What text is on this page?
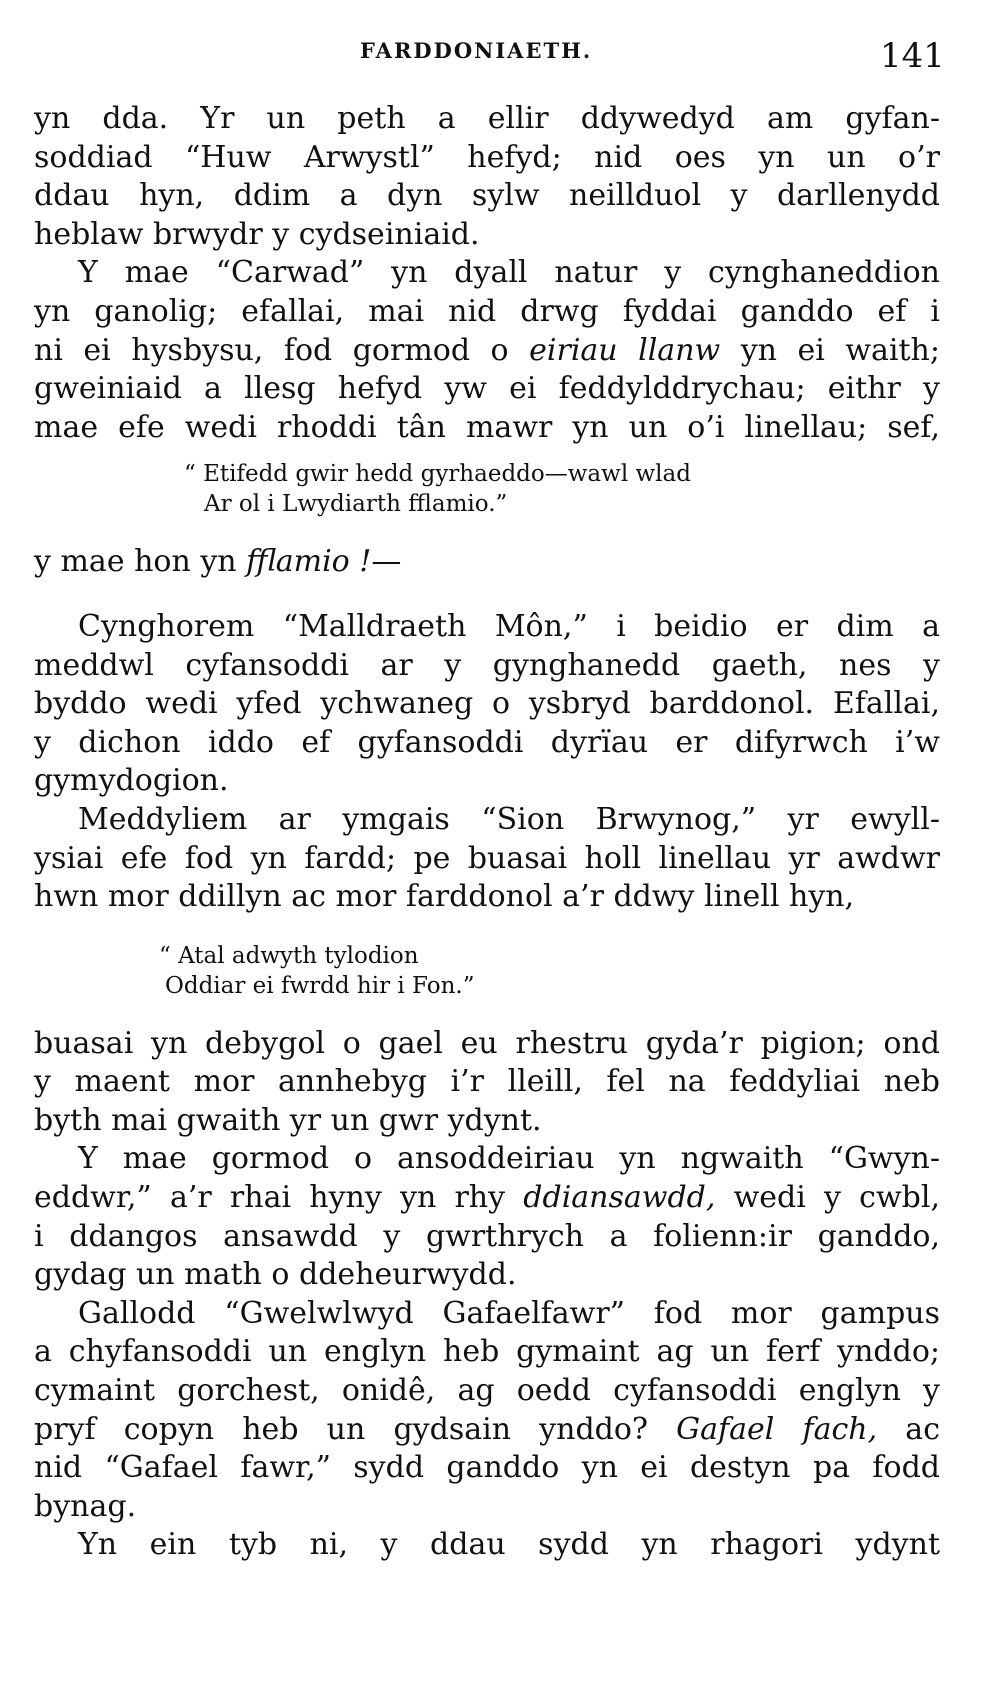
FARDDONIAETH.	141
yn dda. Yr un peth a ellir ddywedyd am gyfan-
soddiad “Huw Arwystl” hefyd; nid oes yn un o’r
ddau hyn, ddim a dyn sylw neillduol y darllenydd
heblaw brwydr y cydseiniaid.
Y mae “Carwad” yn dyall natur y cynghaneddion
yn ganolig; efallai, mai nid drwg fyddai ganddo ef i
ni ei hysbysu, fod gormod o eiriau llanw yn ei waith;
gweiniaid a llesg hefyd yw ei feddylddrychau; eithr y
mae efe wedi rhoddi tân mawr yn un o’i linellau; sef,
“ Etifedd gwir hedd gyrhaeddo—wawl wlad
Ar ol i Lwydiarth fflamio.”
y mae hon yn fflamio !—
Cynghorem “Malldraeth Môn,” i beidio er dim a
meddwl cyfansoddi ar y gynghanedd gaeth, nes y
byddo wedi yfed ychwaneg o ysbryd barddonol. Efallai,
y dichon iddo ef gyfansoddi dyrïau er difyrwch i’w
gymydogion.
Meddyliem ar ymgais “Sion Brwynog,” yr ewyll-
ysiai efe fod yn fardd; pe buasai holl linellau yr awdwr
hwn mor ddillyn ac mor farddonol a’r ddwy linell hyn,
“ Atal adwyth tylodion
Oddiar ei fwrdd hir i Fon.”
buasai yn debygol o gael eu rhestru gyda’r pigion; ond
y maent mor annhebyg i’r lleill, fel na feddyliai neb
byth mai gwaith yr un gwr ydynt.
Y mae gormod o ansoddeiriau yn ngwaith “Gwyn-
eddwr,” a’r rhai hyny yn rhy ddiansawdd, wedi y cwbl,
i ddangos ansawdd y gwrthrych a folienn:ir ganddo,
gydag un math o ddeheurwydd.
Gallodd “Gwelwlwyd Gafaelfawr” fod mor gampus
a chyfansoddi un englyn heb gymaint ag un ferf ynddo;
cymaint gorchest, onidê, ag oedd cyfansoddi englyn y
pryf copyn heb un gydsain ynddo? Gafael fach, ac
nid “Gafael fawr,” sydd ganddo yn ei destyn pa fodd
bynag.
Yn ein tyb ni, y ddau sydd yn rhagori ydynt
